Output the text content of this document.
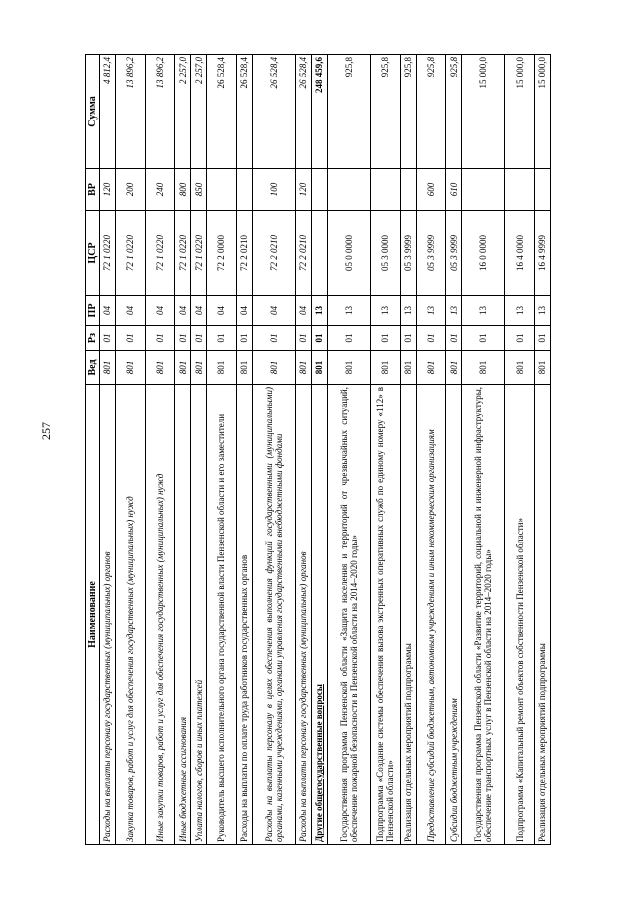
257
Наименование	Вед	Рз	ПР	ЦСР	ВР	Сумма
Расходы на выплаты персоналу государственных (муниципальных) органов	801	01	04	72 1 0220	120	4 812,4
Закупка товаров, работ и услуг для обеспечения государственных (муниципальных) нужд	801	01	04	72 1 0220	200	13 896,2
Иные закупки товаров, работ и услуг для обеспечения государственных (муниципальных) нужд	801	01	04	72 1 0220	240	13 896,2
Иные бюджетные ассигнования	801	01	04	72 1 0220	800	2 257,0
Уплата налогов, сборов и иных платежей	801	01	04	72 1 0220	850	2 257,0
Руководитель высшего исполнительного органа государственной власти Пензенской области и его заместители	801	01	04	72 2 0000		26 528,4
Расходы на выплаты по оплате труда работников государственных органов	801	01	04	72 2 0210		26 528,4
Расходы на выплаты персоналу в целях обеспечения выполнения функций государственными (муниципальными) органами, казенными учреждениями, органами управления государственными внебюджетными фондами	801	01	04	72 2 0210	100	26 528,4
Расходы на выплаты персоналу государственных (муниципальных) органов	801	01	04	72 2 0210	120	26 528,4
Другие общегосударственные вопросы	801	01	13			248 459,6
Государственная программа Пензенской области «Защита населения и территорий от чрезвычайных ситуаций, обеспечение пожарной безопасности в Пензенской области на 2014–2020 годы»	801	01	13	05 0 0000		925,8
Подпрограмма «Создание системы обеспечения вызова экстренных оперативных служб по единому номеру «112» в Пензенской области»	801	01	13	05 3 0000		925,8
Реализация отдельных мероприятий подпрограммы	801	01	13	05 3 9999		925,8
Предоставление субсидий бюджетным, автономным учреждениям и иным некоммерческим организациям	801	01	13	05 3 9999	600	925,8
Субсидии бюджетным учреждениям	801	01	13	05 3 9999	610	925,8
Государственная программа Пензенской области «Развитие территорий, социальной и инженерной инфраструктуры, обеспечение транспортных услуг в Пензенской области на 2014–2020 годы»	801	01	13	16 0 0000		15 000,0
Подпрограмма «Капитальный ремонт объектов собственности Пензенской области»	801	01	13	16 4 0000		15 000,0
Реализация отдельных мероприятий подпрограммы	801	01	13	16 4 9999		15 000,0
